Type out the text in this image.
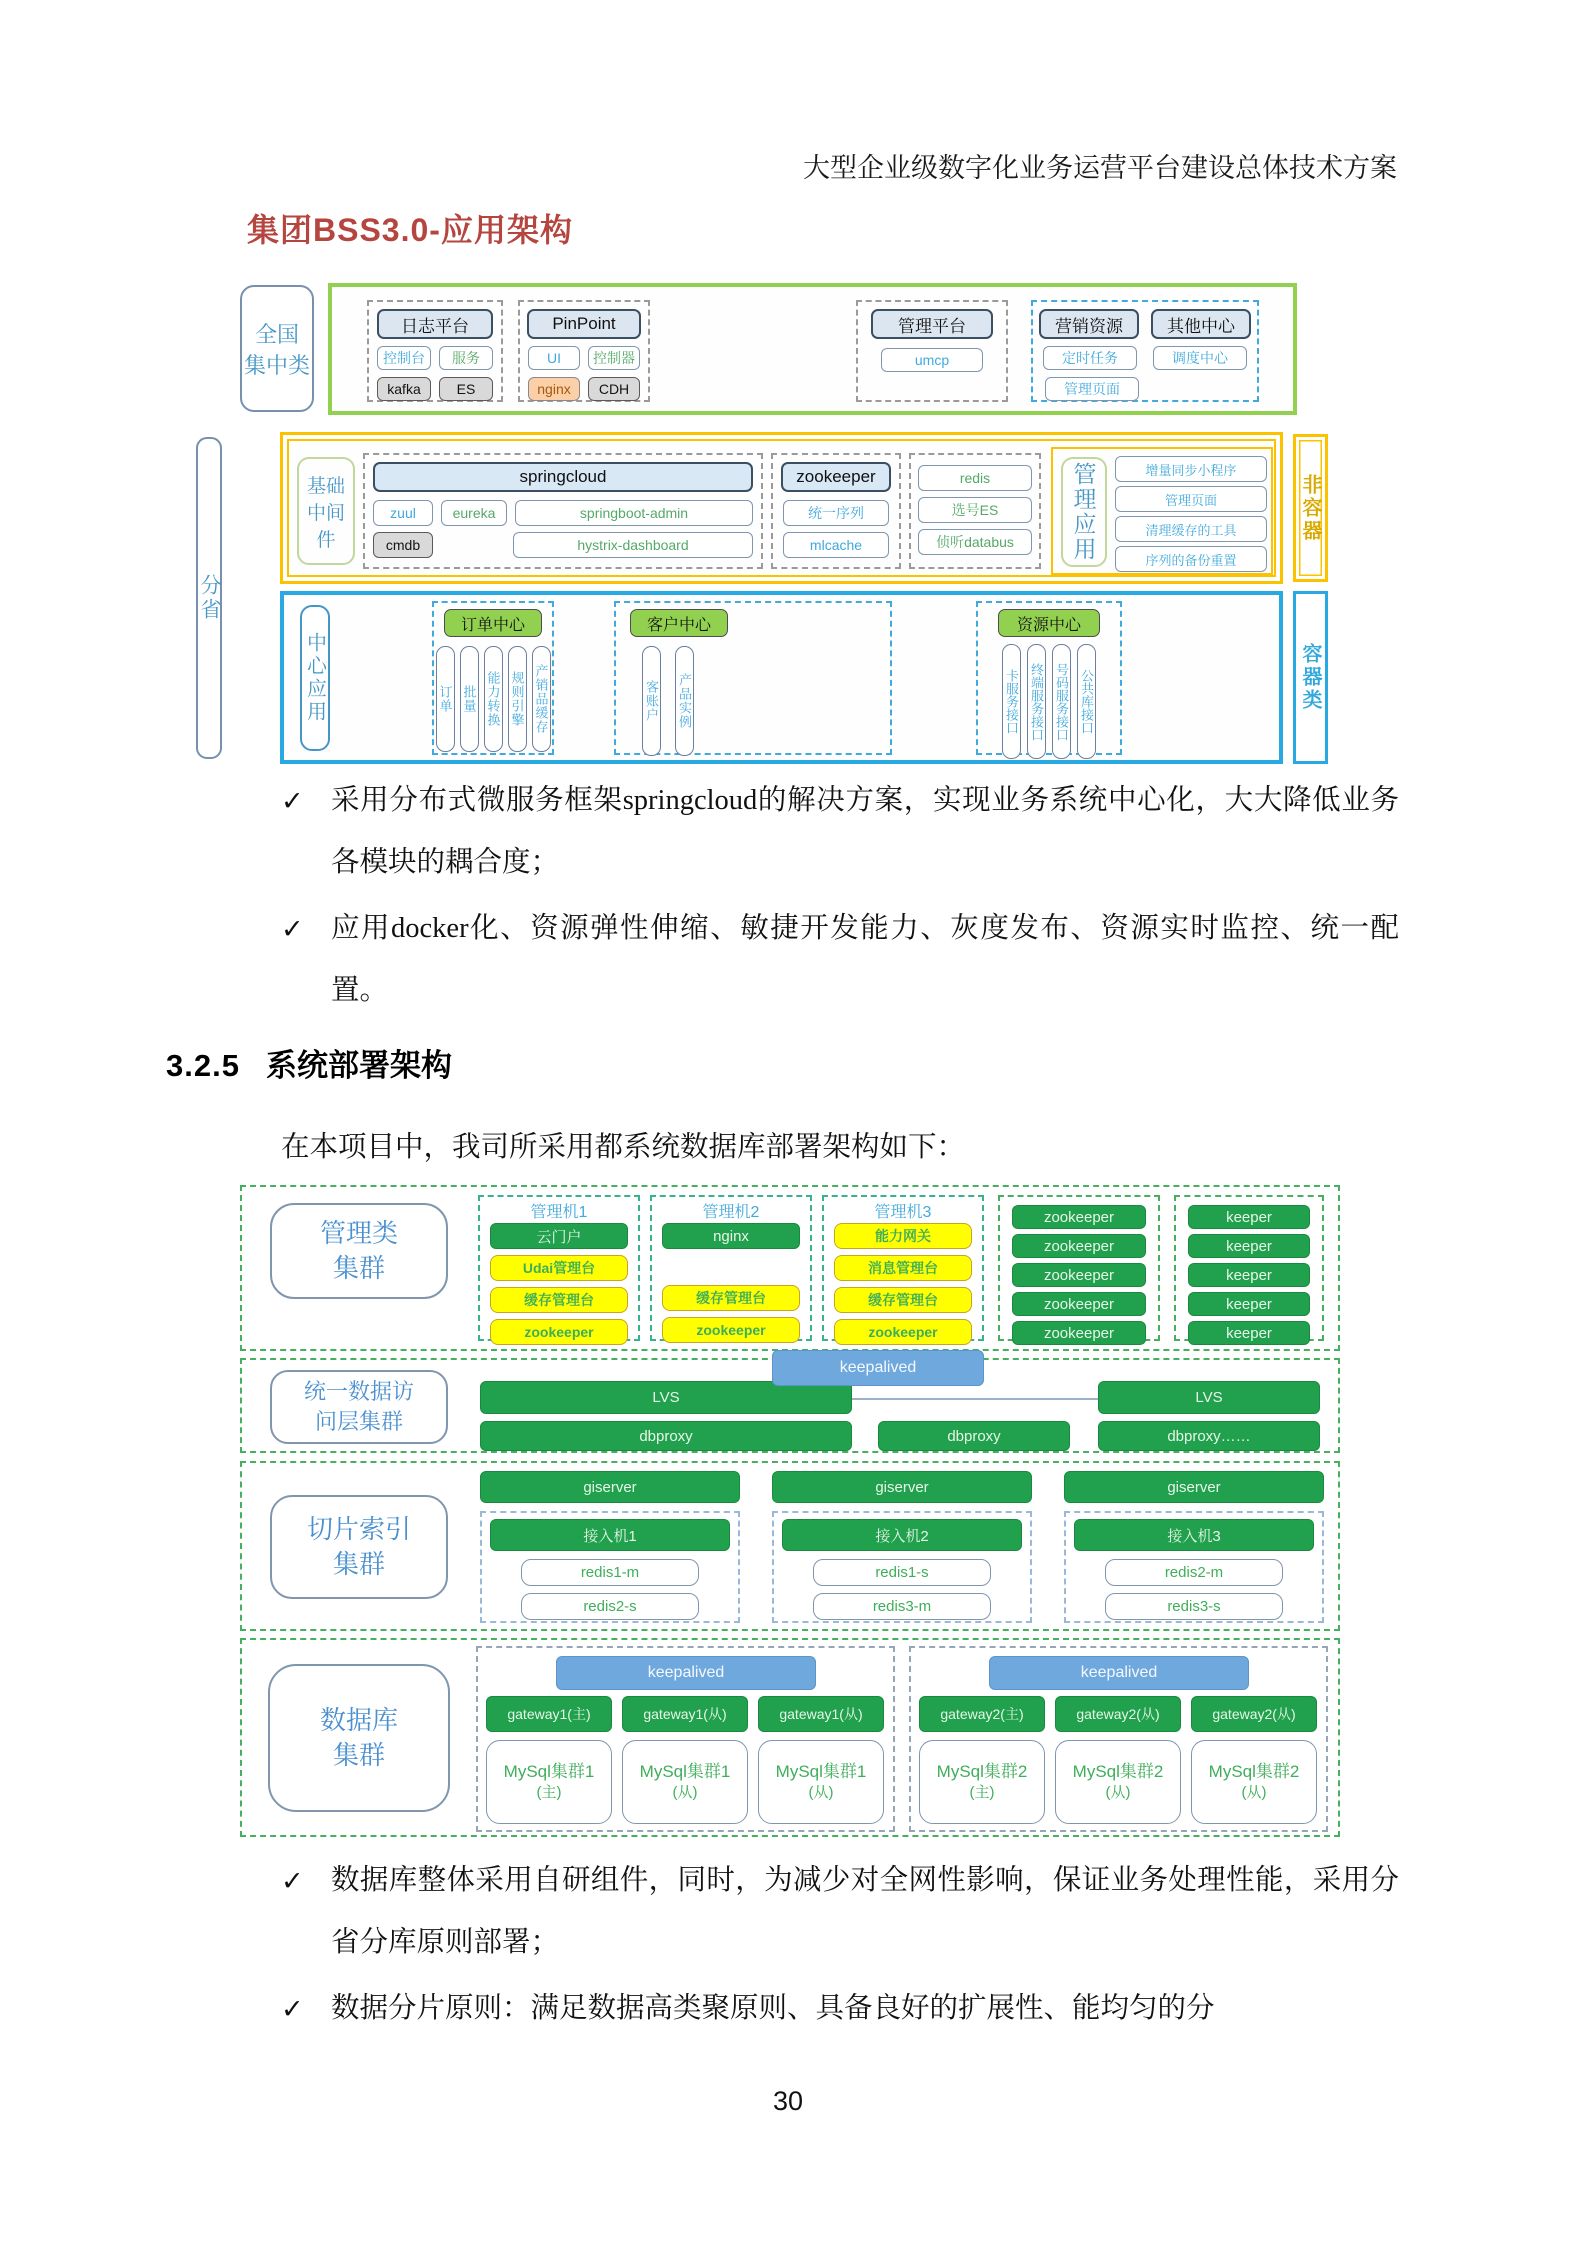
大型企业级数字化业务运营平台建设总体技术方案
集团BSS3.0-应用架构
全国
集中类
日志平台
控制台	服务
kafka	ES
PinPoint
UI	控制器
nginx	CDH
管理平台
umcp
营销资源	其他中心
定时任务	调度中心
管理页面
分省
基础
中间
件
springcloud
zuul	eureka	springboot-admin
cmdb	hystrix-dashboard
zookeeper
统一序列
mlcache
redis
选号ES
侦听databus	管理应用	增量同步小程序
管理页面
清理缓存的工具
序列的备份重置
非容器
中心应用
订单中心
订单 批量 能力转换 规则引擎 产销品缓存
客户中心
客账户 产品实例
资源中心
卡服务接口 终端服务接口 号码服务接口 公共库接口	容器类
✓ 采用分布式微服务框架springcloud的解决方案，实现业务系统中心化，大大降低业务各模块的耦合度；
✓ 应用docker化、资源弹性伸缩、敏捷开发能力、灰度发布、资源实时监控、统一配置。
3.2.5 系统部署架构
在本项目中，我司所采用都系统数据库部署架构如下：
管理类
集群
管理机1
云门户
Udai管理台
缓存管理台
zookeeper
管理机2
nginx
缓存管理台
zookeeper
管理机3
能力网关
消息管理台
缓存管理台
zookeeper
zookeeper
zookeeper
zookeeper
zookeeper
zookeeper
keeper
keeper
keeper
keeper
keeper
统一数据访
问层集群
LVS	LVS
keepalived
dbproxy	dbproxy	dbproxy……
切片索引
集群
giserver
接入机1
redis1-m
redis2-s
giserver
接入机2
redis1-s
redis3-m
giserver
接入机3
redis2-m
redis3-s
数据库
集群
keepalived
gateway1(主)	gateway1(从)	gateway1(从)
MySql集群1
(主)
MySql集群1
(从)
MySql集群1
(从)
keepalived
gateway2(主)	gateway2(从)	gateway2(从)
MySql集群2
(主)
MySql集群2
(从)
MySql集群2
(从)
✓ 数据库整体采用自研组件，同时，为减少对全网性影响，保证业务处理性能，采用分省分库原则部署；
✓ 数据分片原则：满足数据高类聚原则、具备良好的扩展性、能均匀的分
30
